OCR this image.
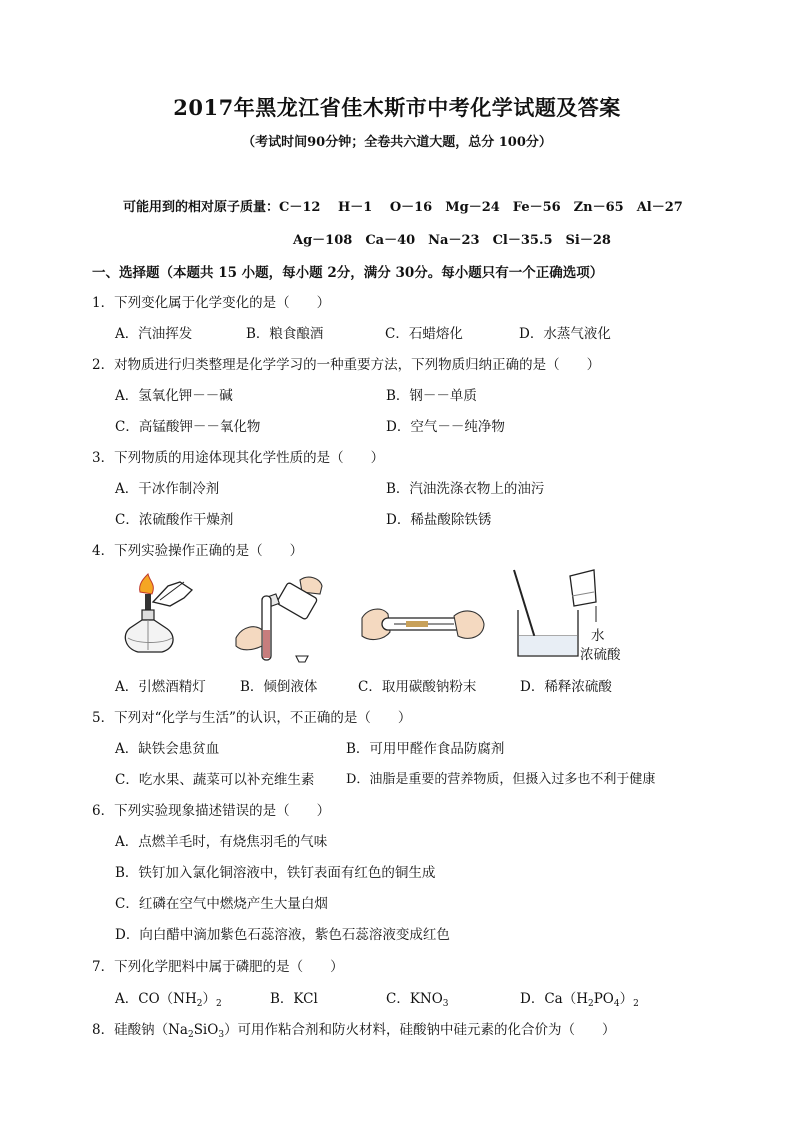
2017年黑龙江省佳木斯市中考化学试题及答案
（考试时间90分钟；全卷共六道大题，总分 100分）
可能用到的相对原子质量：C－12　 H－1　 O－16　Mg－24　Fe－56　Zn－65　Al－27
Ag－108　Ca－40　Na－23　Cl－35.5　Si－28
一、选择题（本题共 15 小题，每小题 2分，满分 30分。每小题只有一个正确选项）
1．下列变化属于化学变化的是（　　）
A．汽油挥发	B．粮食酿酒	C．石蜡熔化	D．水蒸气液化
2．对物质进行归类整理是化学学习的一种重要方法，下列物质归纳正确的是（　　）
A．氢氧化钾－－碱	B．钢－－单质
C．高锰酸钾－－氧化物	D．空气－－纯净物
3．下列物质的用途体现其化学性质的是（　　）
A．干冰作制冷剂	B．汽油洗涤衣物上的油污
C．浓硫酸作干燥剂	D．稀盐酸除铁锈
4．下列实验操作正确的是（　　）
水
浓硫酸
A．引燃酒精灯	B．倾倒液体	C．取用碳酸钠粉末	D．稀释浓硫酸
5．下列对“化学与生活”的认识，不正确的是（　　）
A．缺铁会患贫血	B．可用甲醛作食品防腐剂
C．吃水果、蔬菜可以补充维生素 D．油脂是重要的营养物质，但摄入过多也不利于健康
6．下列实验现象描述错误的是（　　）
A．点燃羊毛时，有烧焦羽毛的气味
B．铁钉加入氯化铜溶液中，铁钉表面有红色的铜生成
C．红磷在空气中燃烧产生大量白烟
D．向白醋中滴加紫色石蕊溶液，紫色石蕊溶液变成红色
7．下列化学肥料中属于磷肥的是（　　）
A．$CO(NH_2)_2$	B．KCl	C．$KNO_3$	D．$Ca(H_2PO_4)_2$
8．硅酸钠$(Na_2SiO_3)$可用作粘合剂和防火材料，硅酸钠中硅元素的化合价为（　　）
